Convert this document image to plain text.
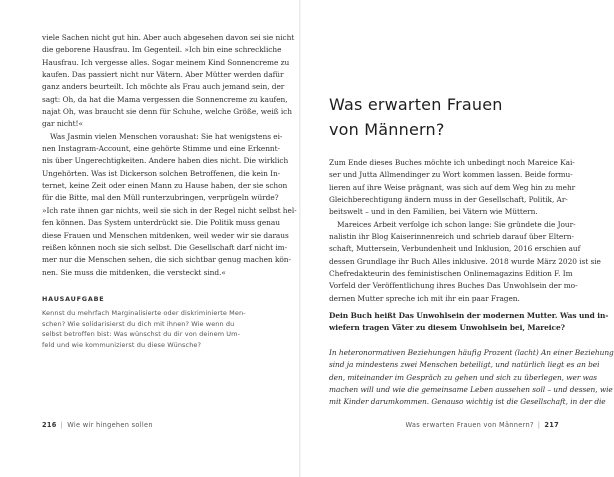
viele Sachen nicht gut hin. Aber auch abgesehen davon sei sie nicht
die geborene Hausfrau. Im Gegenteil. »Ich bin eine schreckliche
Hausfrau. Ich vergesse alles. Sogar meinem Kind Sonnencreme zu
kaufen. Das passiert nicht nur Vätern. Aber Mütter werden dafür
ganz anders beurteilt. Ich möchte als Frau auch jemand sein, der
sagt: Oh, da hat die Mama vergessen die Sonnencreme zu kaufen,
najat Oh, was braucht sie denn für Schuhe, welche Größe, weiß ich
gar nicht!«
Was Jasmin vielen Menschen voraushat: Sie hat wenigstens ei-
nen Instagram-Account, eine gehörte Stimme und eine Erkennt-
nis über Ungerechtigkeiten. Andere haben dies nicht. Die wirklich
Ungehörten. Was ist Dickerson solchen Betroffenen, die kein In-
ternet, keine Zeit oder einen Mann zu Hause haben, der sie schon
für die Bitte, mal den Müll runterzubringen, verprügeln würde?
»Ich rate ihnen gar nichts, weil sie sich in der Regel nicht selbst hel-
fen können. Das System unterdrückt sie. Die Politik muss genau
diese Frauen und Menschen mitdenken, weil weder wir sie daraus
reißen können noch sie sich selbst. Die Gesellschaft darf nicht im-
mer nur die Menschen sehen, die sich sichtbar genug machen kön-
nen. Sie muss die mitdenken, die versteckt sind.«
HAUSAUFGABE
Kennst du mehrfach Marginalisierte oder diskriminierte Men-
schen? Wie solidarisierst du dich mit ihnen? Wie wenn du
selbst betroffen bist: Was wünschst du dir von deinem Um-
feld und wie kommunizierst du diese Wünsche?
216 | Wie wir hingehen sollen
Was erwarten Frauen
von Männern?
Zum Ende dieses Buches möchte ich unbedingt noch Mareice Kai-
ser und Jutta Allmendinger zu Wort kommen lassen. Beide formu-
lieren auf ihre Weise prägnant, was sich auf dem Weg hin zu mehr
Gleichberechtigung ändern muss in der Gesellschaft, Politik, Ar-
beitswelt – und in den Familien, bei Vätern wie Müttern.
Mareices Arbeit verfolge ich schon lange: Sie gründete die Jour-
nalistin ihr Blog Kaiserinnenreich und schrieb darauf über Eltern-
schaft, Muttersein, Verbundenheit und Inklusion, 2016 erschien auf
dessen Grundlage ihr Buch Alles inklusive. 2018 wurde März 2020 ist sie
Chefredakteurin des feministischen Onlinemagazins Edition F. Im
Vorfeld der Veröffentlichung ihres Buches Das Unwohlsein der mo-
dernen Mutter spreche ich mit ihr ein paar Fragen.
Dein Buch heißt Das Unwohlsein der modernen Mutter. Was und in-
wiefern tragen Väter zu diesem Unwohlsein bei, Mareice?
In heteronormativen Beziehungen häufig Prozent (lacht) An einer Beziehung
sind ja mindestens zwei Menschen beteiligt, und natürlich liegt es an bei
den, miteinander im Gespräch zu gehen und sich zu überlegen, wer was
machen will und wie die gemeinsame Leben aussehen soll – und dessen, wie
mit Kinder darumkommen. Genauso wichtig ist die Gesellschaft, in der die
Was erwarten Frauen von Männern? | 217
